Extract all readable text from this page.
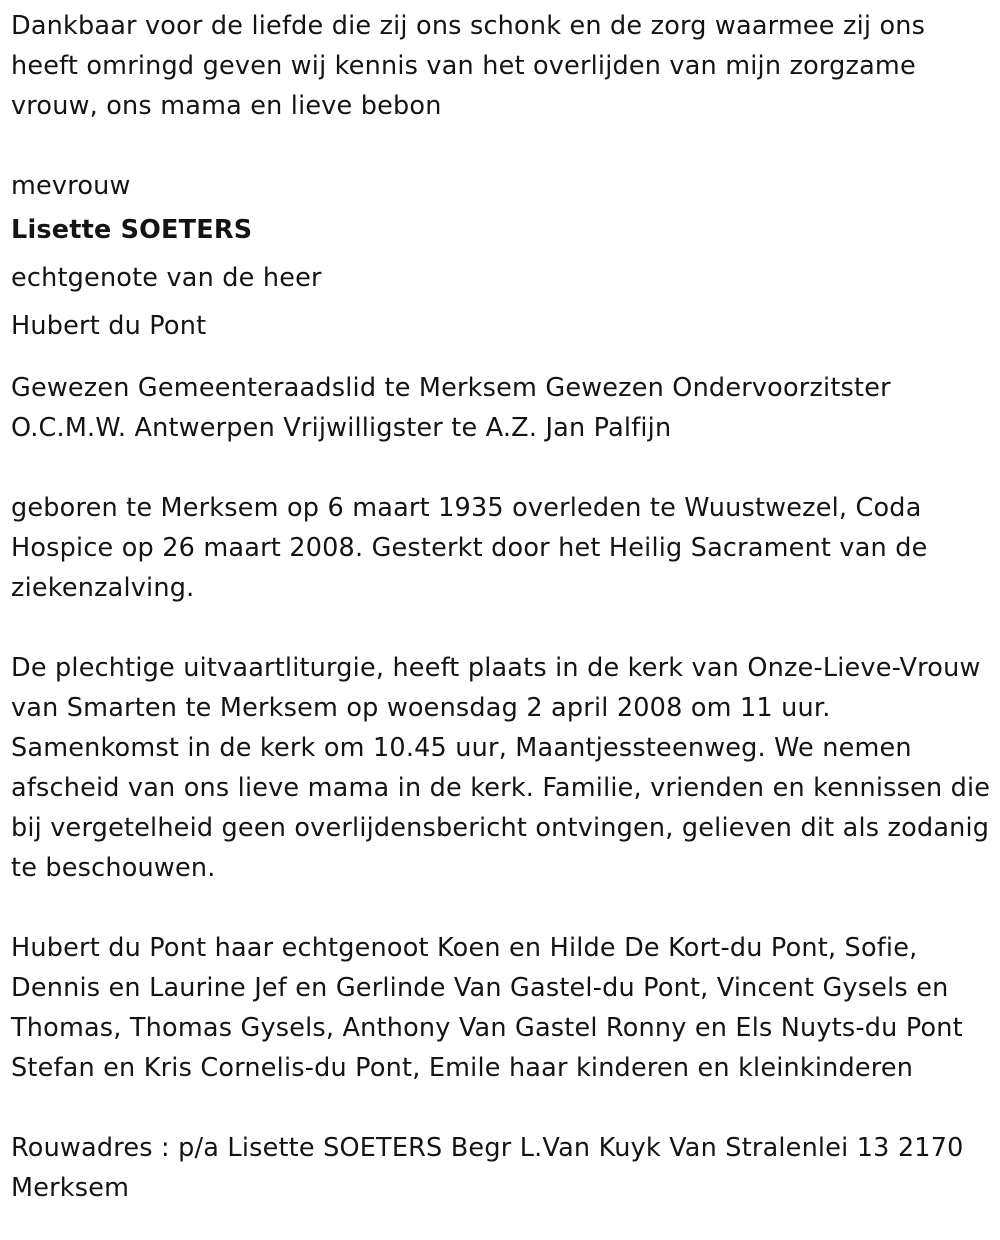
Dankbaar voor de liefde die zij ons schonk en de zorg waarmee zij ons heeft omringd geven wij kennis van het overlijden van mijn zorgzame vrouw, ons mama en lieve bebon

mevrouw

Lisette SOETERS

echtgenote van de heer

Hubert du Pont

Gewezen Gemeenteraadslid te Merksem Gewezen Ondervoorzitster O.C.M.W. Antwerpen Vrijwilligster te A.Z. Jan Palfijn

geboren te Merksem op 6 maart 1935 overleden te Wuustwezel, Coda Hospice op 26 maart 2008. Gesterkt door het Heilig Sacrament van de ziekenzalving.

De plechtige uitvaartliturgie, heeft plaats in de kerk van Onze-Lieve-Vrouw van Smarten te Merksem op woensdag 2 april 2008 om 11 uur. Samenkomst in de kerk om 10.45 uur, Maantjessteenweg. We nemen afscheid van ons lieve mama in de kerk. Familie, vrienden en kennissen die bij vergetelheid geen overlijdensbericht ontvingen, gelieven dit als zodanig te beschouwen.

Hubert du Pont haar echtgenoot Koen en Hilde De Kort-du Pont, Sofie, Dennis en Laurine Jef en Gerlinde Van Gastel-du Pont, Vincent Gysels en Thomas, Thomas Gysels, Anthony Van Gastel Ronny en Els Nuyts-du Pont Stefan en Kris Cornelis-du Pont, Emile haar kinderen en kleinkinderen

Rouwadres : p/a Lisette SOETERS Begr L.Van Kuyk Van Stralenlei 13 2170 Merksem
